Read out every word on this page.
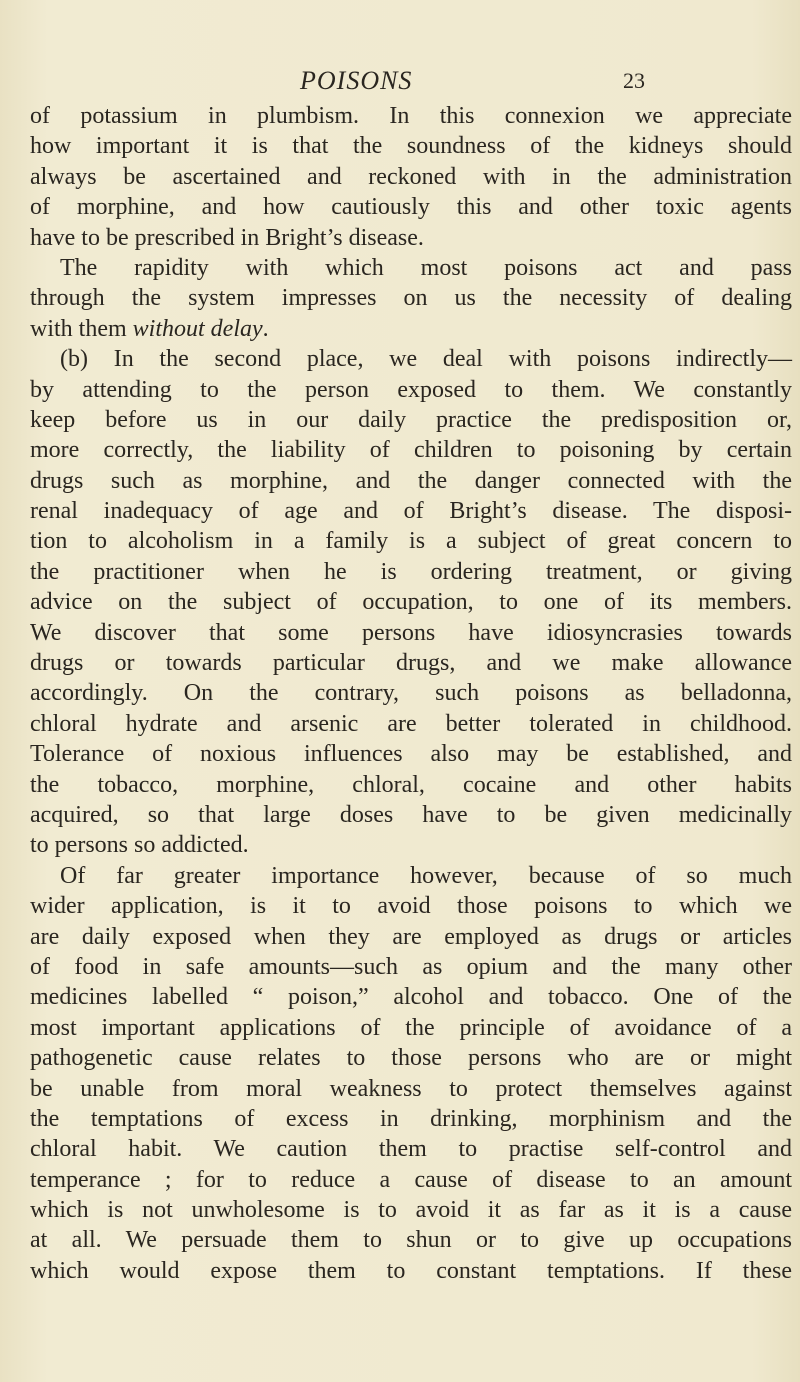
POISONS	23
of potassium in plumbism. In this connexion we appreciate
how important it is that the soundness of the kidneys should
always be ascertained and reckoned with in the administration
of morphine, and how cautiously this and other toxic agents
have to be prescribed in Bright’s disease.
The rapidity with which most poisons act and pass
through the system impresses on us the necessity of dealing
with them without delay.
(b) In the second place, we deal with poisons indirectly—
by attending to the person exposed to them. We constantly
keep before us in our daily practice the predisposition or,
more correctly, the liability of children to poisoning by certain
drugs such as morphine, and the danger connected with the
renal inadequacy of age and of Bright’s disease. The disposi-
tion to alcoholism in a family is a subject of great concern to
the practitioner when he is ordering treatment, or giving
advice on the subject of occupation, to one of its members.
We discover that some persons have idiosyncrasies towards
drugs or towards particular drugs, and we make allowance
accordingly. On the contrary, such poisons as belladonna,
chloral hydrate and arsenic are better tolerated in childhood.
Tolerance of noxious influences also may be established, and
the tobacco, morphine, chloral, cocaine and other habits
acquired, so that large doses have to be given medicinally
to persons so addicted.
Of far greater importance however, because of so much
wider application, is it to avoid those poisons to which we
are daily exposed when they are employed as drugs or articles
of food in safe amounts—such as opium and the many other
medicines labelled “ poison,” alcohol and tobacco. One of the
most important applications of the principle of avoidance of a
pathogenetic cause relates to those persons who are or might
be unable from moral weakness to protect themselves against
the temptations of excess in drinking, morphinism and the
chloral habit. We caution them to practise self-control and
temperance ; for to reduce a cause of disease to an amount
which is not unwholesome is to avoid it as far as it is a cause
at all. We persuade them to shun or to give up occupations
which would expose them to constant temptations. If these
